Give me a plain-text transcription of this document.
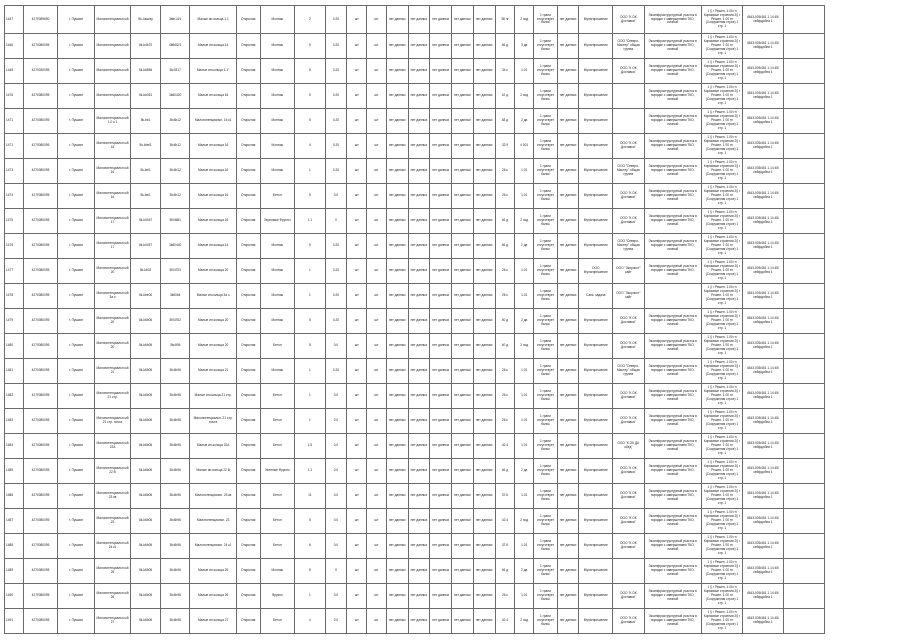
1447	4270089690	г. Пушкин	Малопотенциальн ый	5k-Jaavay	3ktb14/1	Малые ин.кольца 1.1	Открытая	Монтаж	2	0.20	шт	шт	нет данных	нет данных	нет данных	нет данных	нет данных	38 лг	2 ход	1 грани отсутствует балок	нет данных	Мультирешение	ООО "К ОК Доставка"	Экоинфраструктурный участок в порядке с завершением ТКО, личный	1 § г Решен. 1.00 гн Кормовые строения 2§ г Решен. 1 00 гн (Сооружения строе) 1 стр. 1	4543-005/461 1.14 45/сейфдобна 1	
1446	4270080095	г. Пушкин	Малопотенциальн ый	5k-k4b70	4kfb82/1	Малые ин.кольца 14	Открытая	Монтаж	5	0.20	шт	шт	нет данных	нет данных	нет данных	нет данных	нет данных	46 д	3 да	1 грани отсутствует балок	нет данных	Мультирешение	ООО "Северо-Мастер" общая группа	Экоинфраструктурный участок в порядке с завершением ТКО, личный	1 § г Решен. 1.00 гн Кормовые строения 2§ г Решен. 1 00 гн (Сооружения строе) 1 стр. 1	4543-005/461 1.14 45/сейфдобна 1	
1445	4270030095	г. Пушкин	Малопотенциальн ый	5k-k6856	3fc0317	Малые ин.кольца 1.1°	Открытая	Монтаж	8	0.20	шт	шт	нет данных	нет данных	нет данных	нет данных	нет данных	34 к	1.01	1 грани отсутствует балок	нет данных	Мультирешение	ООО "К ОК Доставка"	Экоинфраструктурный участок в порядке с завершением ТКО, личный	1 § г Решен. 1.00 гн Кормовые строения 2§ г Решен. 1 00 гн (Сооружения строе) 1 стр. 1	4543-005/461 1.14 45/сейфдобна 1	
1476	4270080095	г. Пушкин	Малопотенциальн ый	5k-kb051	3k60420	Малые ин.кольца 16	Открытая	Монтаж	5	0.20	шт	шт	нет данных	нет данных	нет данных	нет данных	нет данных	42 д	2 ход	1 грани отсутствует балок	нет данных	Мультирешение		Экоинфраструктурный участок в порядке с завершением ТКО, личный	1 § г Решен. 1.00 гн Кормовые строения 2§ г Решен. 1 00 гн (Сооружения строе) 1 стр. 1	4543-005/461 1.14 45/сейфдобна 1	
1471	4270080095	г. Пушкин	Малопотенциальн ый 1.0 к.1	5k-bb1	3fc4b12	Малопотенциальн. 16 к1	Открытая	Монтаж	6	0.20	шт	шт	нет данных	нет данных	нет данных	нет данных	нет данных	48 д	2 да	1 грани отсутствует балок	нет данных	Мультирешение		Экоинфраструктурный участок в порядке с завершением ТКО, личный	1 § г Решен. 1.00 гн Кормовые строения 2§ г Решен. 1 00 гн (Сооружения строе) 1 стр. 1	4543-005/461 1.14 45/сейфдобна 1	
1471	4270080095	г. Пушкин	Малопотенциальн ый 16	5k-kbel1	3fc4b12	Малые ин.кольца 16	Открытая	Монтаж	4	0.20	шт	шт	нет данных	нет данных	нет данных	нет данных	нет данных	32.9	4 001	1 грани отсутствует балок	нет данных	Мультирешение	ООО "К ОК Доставка"	Экоинфраструктурный участок в порядке с завершением ТКО, личный	1 § г Решен. 1.00 гн Кормовые строения 2§ г Решен. 1 00 гн (Сооружения строе) 1 стр. 1	4543-005/461 1.14 45/сейфдобна 1	
1473	4270080095	г. Пушкин	Малопотенциальн ый 16	5k-bel1	3fc4b12	Малые ин.кольца 16	Открытая	Монтаж	1	0.20	шт	шт	нет данных	нет данных	нет данных	нет данных	нет данных	26 к	1.01	1 грани отсутствует балок	нет данных	Мультирешение	ООО "Северо-Мастер" общая группа	Экоинфраструктурный участок в порядке с завершением ТКО, личный	1 § г Решен. 1.00 гн Кормовые строения 2§ г Решен. 1 00 гн (Сооружения строе) 1 стр. 1	4543-005/461 1.14 45/сейфдобна 1	
1474	4270080095	г. Пушкин	Малопотенциальн ый 16	5k-bel1	3fc4b12	Малые ин.кольца 16	Открытая	Бетон	5	0.0	шт	шт	нет данных	нет данных	нет данных	нет данных	нет данных	26 к	1.01	1 грани отсутствует балок	нет данных	Мультирешение	ООО "К ОК Доставка"	Экоинфраструктурный участок в порядке с завершением ТКО, личный	1 § г Решен. 1.00 гн Кормовые строения 2§ г Решен. 1 00 гн (Сооружения строе) 1 стр. 1	4543-005/461 1.14 45/сейфдобна 1	
1475	4270080095	г. Пушкин	Малопотенциальн ый 17	5k-k0457	3f04681	Малые ин.кольца 16	Открытая	Зерновые Фрукты	1.1	0	шт	шт	нет данных	нет данных	нет данных	нет данных	нет данных	46 д	2 ход	1 грани отсутствует балок	нет данных	Мультирешение	ООО "К ОК Доставка"	Экоинфраструктурный участок в порядке с завершением ТКО, личный	1 § г Решен. 1.00 гн Кормовые строения 2§ г Решен. 1 00 гн (Сооружения строе) 1 стр. 1	4543-005/461 1.14 45/сейфдобна 1	
1476	4270080095	г. Пушкин	Малопотенциальн ый 17	5k-k0457	3k60440	Малые ин.кольца 14	Открытая	Монтаж	5	0.20	шт	шт	нет данных	нет данных	нет данных	нет данных	нет данных	46 д	2 да	1 грани отсутствует балок	нет данных	Мультирешение	ООО "Северо-Мастер" общая группа	Экоинфраструктурный участок в порядке с завершением ТКО, личный	1 § г Решен. 1.00 гн Кормовые строения 2§ г Решен. 1 00 гн (Сооружения строе) 1 стр. 1	4543-005/461 1.14 45/сейфдобна 1	
1477	4270080095	г. Пушкин	Малопотенциальн ый 20	5k-k602	3f04703	Малые ин.кольца 20	Открытая	Монтаж	1	0.20	шт	шт	нет данных	нет данных	нет данных	нет данных	нет данных	26 к	1.01	1 грани отсутствует балок	нет данных	ООО Мультирешение	ООО "Экорпост" сайт	Экоинфраструктурный участок в порядке с завершением ТКО, личный	1 § г Решен. 1.00 гн Кормовые строения 2§ г Решен. 1 00 гн (Сооружения строе) 1 стр. 1	4543-005/461 1.14 45/сейфдобна 1	
1478	4270080095	г. Пушкин	Малопотенциальн ый 3а с	5k-kbe00	3k60b4	Малые ин.кольца 3а с	Открытая	Монтаж	1	0.20	шт	шт	нет данных	нет данных	нет данных	нет данных	нет данных	26 к	1.01	1 грани отсутствует балок	нет данных	Санк. задача	ООО "Экорпост" сайт		1 § г Решен. 1.00 гн Кормовые строения 2§ г Решен. 1 00 гн (Сооружения строе) 1 стр. 1	4543-005/461 1.14 45/сейфдобна 1	
1479	4270080095	г. Пушкин	Малопотенциальн ый 20	5k-k6b06	3f04762	Малые ин.кольца 20	Открытая	Монтаж	5	0.20	шт	шт	нет данных	нет данных	нет данных	нет данных	нет данных	40 д	2 да	1 грани отсутствует балок	нет данных	Мультирешение	ООО "К ОК Доставка"	Экоинфраструктурный участок в порядке с завершением ТКО, личный	1 § г Решен. 1.00 гн Кормовые строения 2§ г Решен. 1 00 гн (Сооружения строе) 1 стр. 1	4543-005/461 1.14 45/сейфдобна 1	
1480	4270080095	г. Пушкин	Малопотенциальн ый 20	5k-k6b06	3fc4f06	Малые ин.кольца 20	Открытая	Бетон	5	0.0	шт	шт	нет данных	нет данных	нет данных	нет данных	нет данных	40 д	2 ход	1 грани отсутствует балок	нет данных	Мультирешение	ООО "К ОК Доставка"	Экоинфраструктурный участок в порядке с завершением ТКО, личный	1 § г Решен. 1.00 гн Кормовые строения 2§ г Решен. 1 00 гн (Сооружения строе) 1 стр. 1	4543-005/461 1.14 45/сейфдобна 1	
1481	4270080095	г. Пушкин	Малопотенциальн ый 21	5k-k6b06	3fc4b96	Малые ин.кольца 21	Открытая	Монтаж	1	0.20	шт	шт	нет данных	нет данных	нет данных	нет данных	нет данных	26 к	1.01	1 грани отсутствует балок	нет данных	Мультирешение	ООО "Северо-Мастер" общая группа	Экоинфраструктурный участок в порядке с завершением ТКО, личный	1 § г Решен. 1.00 гн Кормовые строения 2§ г Решен. 1 00 гн (Сооружения строе) 1 стр. 1	4543-005/461 1.14 45/сейфдобна 1	
1482	4270080095	г. Пушкин	Малопотенциальн ый 21 стр.	5k-k6b06	3fc4b96	Малые ин.кольца 21 стр.	Открытая	Бетон	1	0.0	шт	шт	нет данных	нет данных	нет данных	нет данных	нет данных	26 к	1.01	1 грани отсутствует балок	нет данных	Мультирешение	ООО "К ОК Доставка"	Экоинфраструктурный участок в порядке с завершением ТКО, личный	1 § г Решен. 1.00 гн Кормовые строения 2§ г Решен. 1 00 гн (Сооружения строе) 1 стр. 1	4543-005/461 1.14 45/сейфдобна 1	
1483	4270080095	г. Пушкин	Малопотенциальн ый 21 стр. почта	5k-k6b06	3fc4b96	Малопотенциальн. 21 стр. почта	Открытая	Бетон	1	0.0	шт	шт	нет данных	нет данных	нет данных	нет данных	нет данных	26 к	1.01	1 грани отсутствует балок	нет данных	Мультирешение	ООО "К ОК Доставка"	Экоинфраструктурный участок в порядке с завершением ТКО, личный	1 § г Решен. 1.00 гн Кормовые строения 2§ г Решен. 1 00 гн (Сооружения строе) 1 стр. 1	4543-005/461 1.14 45/сейфдобна 1	
1484	4270080095	г. Пушкин	Малопотенциальн ый 22А	5k-k6b06	3fc4b96	Малые ин.кольца 22А	Открытая	Бетон	1.5	0.0	шт	шт	нет данных	нет данных	нет данных	нет данных	нет данных	42.4	1.01	1 грани отсутствует балок	нет данных	Мультирешение	ООО "К ОК ДА обед"	Экоинфраструктурный участок в порядке с завершением ТКО, личный	1 § г Решен. 1.00 гн Кормовые строения 2§ г Решен. 1 00 гн (Сооружения строе) 1 стр. 1	4543-005/461 1.14 45/сейфдобна 1	
1485	4270080095	г. Пушкин	Малопотенциальн ый 22 В	5k-k6b06	3fc4b96	Малые ин.кольца 22 В	Открытая	Зеленые Фрукты	1.1	0.0	шт	шт	нет данных	нет данных	нет данных	нет данных	нет данных	46 д	2 да	1 грани отсутствует балок	нет данных	Мультирешение	ООО "К ОК Доставка"	Экоинфраструктурный участок в порядке с завершением ТКО, личный	1 § г Решен. 1.00 гн Кормовые строения 2§ г Решен. 1 00 гн (Сооружения строе) 1 стр. 1	4543-005/461 1.14 45/сейфдобна 1	
1486	4270080095	г. Пушкин	Малопотенциальн ый 23 кв	5k-k6b06	3fc4b96	Малопотенциальн. 23 кв	Открытая	Бетон	11	0.0	шт	шт	нет данных	нет данных	нет данных	нет данных	нет данных	37.6	1.01	1 грани отсутствует балок	нет данных	Мультирешение	ООО "К ОК Доставка"	Экоинфраструктурный участок в порядке с завершением ТКО, личный	1 § г Решен. 1.00 гн Кормовые строения 2§ г Решен. 1 00 гн (Сооружения строе) 1 стр. 1	4543-005/461 1.14 45/сейфдобна 1	
1487	4270080095	г. Пушкин	Малопотенциальн ый 23	5k-k6b06	3fc4b96	Малопотенциальн. 23	Открытая	Бетон	5	0.0	шт	шт	нет данных	нет данных	нет данных	нет данных	нет данных	42.4	2 ход	1 грани отсутствует балок	нет данных	Мультирешение	ООО "К ОК Доставка"	Экоинфраструктурный участок в порядке с завершением ТКО, личный	1 § г Решен. 1.00 гн Кормовые строения 2§ г Решен. 1 00 гн (Сооружения строе) 1 стр. 1	4543-005/461 1.14 45/сейфдобна 1	
1488	4270080095	г. Пушкин	Малопотенциальн ый 24 к1	5k-k6b06	3fc4b96	Малопотенциальн. 24 к1	Открытая	Бетон	6	0.0	шт	шт	нет данных	нет данных	нет данных	нет данных	нет данных	37.6	1.01	1 грани отсутствует балок	нет данных	Мультирешение	ООО "К ОК Доставка"	Экоинфраструктурный участок в порядке с завершением ТКО, личный	1 § г Решен. 1.00 гн Кормовые строения 2§ г Решен. 1 00 гн (Сооружения строе) 1 стр. 1	4543-005/461 1.14 45/сейфдобна 1	
1489	4270080095	г. Пушкин	Малопотенциальн ый 25	5k-k6b06	3fc4b96	Малые ин.кольца 25	Открытая	Монтаж	8	0	шт	шт	нет данных	нет данных	нет данных	нет данных	нет данных	46 д	2 да	1 грани отсутствует балок	нет данных	Мультирешение		Экоинфраструктурный участок в порядке с завершением ТКО, личный	1 § г Решен. 1.00 гн Кормовые строения 2§ г Решен. 1 00 гн (Сооружения строе) 1 стр. 1	4543-005/461 1.14 45/сейфдобна 1	
1490	4270080095	г. Пушкин	Малопотенциальн ый 26	5k-k6b06	3fc4b96	Малые ин.кольца 26	Открытая	Фрукты	1	0.0	шт	шт	нет данных	нет данных	нет данных	нет данных	нет данных	26 к	1.01	1 грани отсутствует балок	нет данных	Мультирешение	ООО "К ОК Доставка"	Экоинфраструктурный участок в порядке с завершением ТКО, личный	1 § г Решен. 1.00 гн Кормовые строения 2§ г Решен. 1 00 гн (Сооружения строе) 1 стр. 1	4543-005/461 1.14 45/сейфдобна 1	
1491	4270080095	г. Пушкин	Малопотенциальн ый 27	5k-k6b06	3fc4b96	Малые ин.кольца 27	Открытая	Бетон	4	0.0	шт	шт	нет данных	нет данных	нет данных	нет данных	нет данных	42.4	2 ход	1 грани отсутствует балок	нет данных	Мультирешение	ООО "К ОК Доставка"	Экоинфраструктурный участок в порядке с завершением ТКО, личный	1 § г Решен. 1.00 гн Кормовые строения 2§ г Решен. 1 00 гн (Сооружения строе) 1 стр. 1	4543-005/461 1.14 45/сейфдобна 1	
